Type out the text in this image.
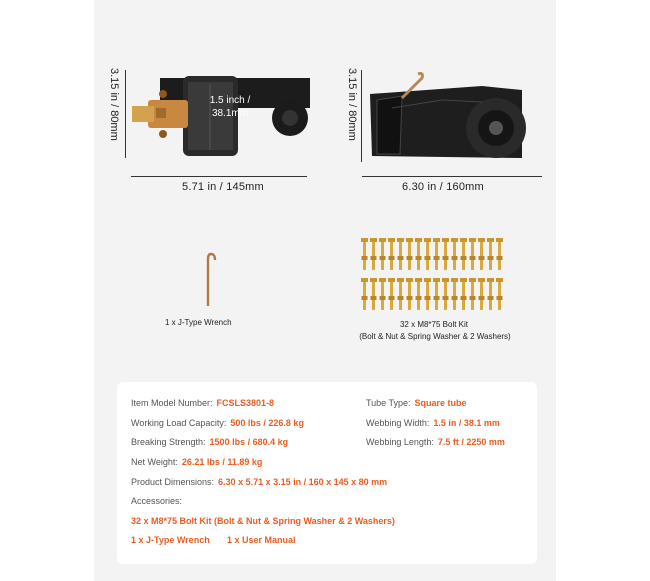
3.15 in / 80mm	1.5 inch / 38.1mm
5.71 in / 145mm
3.15 in / 80mm
6.30 in / 160mm
1 x J-Type Wrench	32 x M8*75 Bolt Kit
(Bolt & Nut & Spring Washer & 2 Washers)
Item Model Number: FCSLS3801-8	Tube Type: Square tube
Working Load Capacity: 500 lbs / 226.8 kg	Webbing Width: 1.5 in / 38.1 mm
Breaking Strength: 1500 lbs / 680.4 kg	Webbing Length: 7.5 ft / 2250 mm
Net Weight: 26.21 lbs / 11.89 kg
Product Dimensions: 6.30 x 5.71 x 3.15 in / 160 x 145 x 80 mm
Accessories:
32 x M8*75 Bolt Kit (Bolt & Nut & Spring Washer & 2 Washers)
1 x J-Type Wrench 1 x User Manual
